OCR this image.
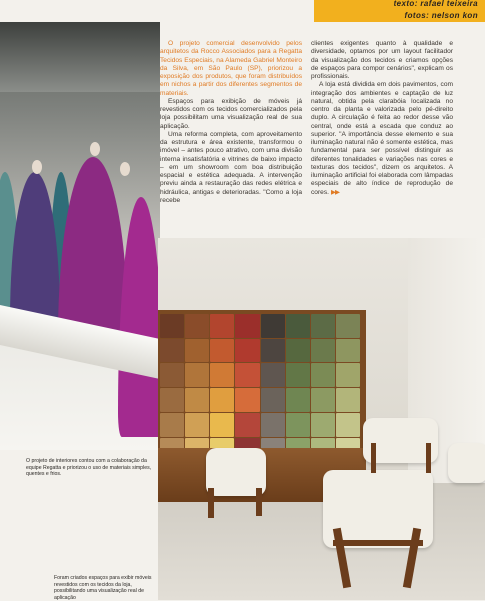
texto: rafael teixeira
fotos: nelson kon
O projeto de interiores contou com a colaboração da equipe Regatta e priorizou o uso de materiais simples, quentes e frios.
Foram criados espaços para exibir móveis revestidos com os tecidos da loja, possibilitando uma visualização real de aplicação

O projeto comercial desenvolvido pelos arquitetos da Rocco Associados para a Regatta Tecidos Especiais, na Alameda Gabriel Monteiro da Silva, em São Paulo (SP), priorizou a exposição dos produtos, que foram distribuídos em nichos a partir dos diferentes segmentos de materiais.

Espaços para exibição de móveis já revestidos com os tecidos comercializados pela loja possibilitam uma visualização real de sua aplicação.

Uma reforma completa, com aproveitamento da estrutura e área existente, transformou o imóvel – antes pouco atrativo, com uma divisão interna insatisfatória e vitrines de baixo impacto – em um showroom com boa distribuição espacial e estética adequada. A intervenção previu ainda a restauração das redes elétrica e hidráulica, antigas e deterioradas. "Como a loja recebe

clientes exigentes quanto à qualidade e diversidade, optamos por um layout facilitador da visualização dos tecidos e criamos opções de espaços para compor cenários", explicam os profissionais.

A loja está dividida em dois pavimentos, com integração dos ambientes e captação de luz natural, obtida pela clarabóia localizada no centro da planta e valorizada pelo pé-direito duplo. A circulação é feita ao redor desse vão central, onde está a escada que conduz ao superior. "A importância desse elemento e sua iluminação natural não é somente estética, mas fundamental para ser possível distinguir as diferentes tonalidades e variações nas cores e texturas dos tecidos", dizem os arquitetos. A iluminação artificial foi elaborada com lâmpadas especiais de alto índice de reprodução de cores. ▶▶
